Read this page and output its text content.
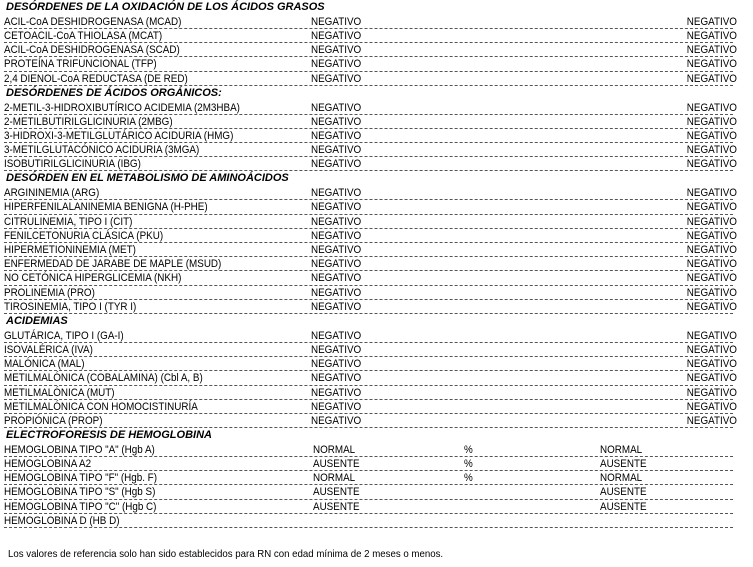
DESÓRDENES DE LA OXIDACIÓN DE LOS ÁCIDOS GRASOS
ACIL-CoA DESHIDROGENASA (MCAD)	NEGATIVO	NEGATIVO
CETOACIL-CoA THIOLASA (MCAT)	NEGATIVO	NEGATIVO
ACIL-CoA DESHIDROGENASA (SCAD)	NEGATIVO	NEGATIVO
PROTEÍNA TRIFUNCIONAL (TFP)	NEGATIVO	NEGATIVO
2,4 DIENOL-CoA REDUCTASA (DE RED)	NEGATIVO	NEGATIVO
DESÓRDENES DE ÁCIDOS ORGÁNICOS:
2-METIL-3-HIDROXIBUTÍRICO ACIDEMIA (2M3HBA)	NEGATIVO	NEGATIVO
2-METILBUTIRILGLICINURIA (2MBG)	NEGATIVO	NEGATIVO
3-HIDROXI-3-METILGLUTÁRICO ACIDURIA (HMG)	NEGATIVO	NEGATIVO
3-METILGLUTACÓNICO ACIDURIA (3MGA)	NEGATIVO	NEGATIVO
ISOBUTIRILGLICINURIA (IBG)	NEGATIVO	NEGATIVO
DESÓRDEN EN EL METABOLISMO DE AMINOÁCIDOS
ARGININEMIA (ARG)	NEGATIVO	NEGATIVO
HIPERFENILALANINEMIA BENIGNA (H-PHE)	NEGATIVO	NEGATIVO
CITRULINEMIA, TIPO I (CIT)	NEGATIVO	NEGATIVO
FENILCETONURIA CLÁSICA (PKU)	NEGATIVO	NEGATIVO
HIPERMETIONINEMIA (MET)	NEGATIVO	NEGATIVO
ENFERMEDAD DE JARABE DE MAPLE (MSUD)	NEGATIVO	NEGATIVO
NO CETÓNICA HIPERGLICEMIA (NKH)	NEGATIVO	NEGATIVO
PROLINEMIA (PRO)	NEGATIVO	NEGATIVO
TIROSINEMIA, TIPO I (TYR I)	NEGATIVO	NEGATIVO
ACIDEMIAS
GLUTÁRICA, TIPO I (GA-I)	NEGATIVO	NEGATIVO
ISOVALÉRICA (IVA)	NEGATIVO	NEGATIVO
MALÓNICA (MAL)	NEGATIVO	NEGATIVO
METILMALÓNICA (COBALAMINA) (Cbl A, B)	NEGATIVO	NEGATIVO
METILMALÓNICA (MUT)	NEGATIVO	NEGATIVO
METILMALÓNICA CON HOMOCISTINURÍA	NEGATIVO	NEGATIVO
PROPIÓNICA (PROP)	NEGATIVO	NEGATIVO
ELECTROFORESIS DE HEMOGLOBINA
HEMOGLOBINA TIPO "A" (Hgb A)	NORMAL	%	NORMAL
HEMOGLOBINA A2	AUSENTE	%	AUSENTE
HEMOGLOBINA TIPO "F" (Hgb. F)	NORMAL	%	NORMAL
HEMOGLOBINA TIPO "S" (Hgb S)	AUSENTE	AUSENTE
HEMOGLOBINA TIPO "C" (Hgb C)	AUSENTE	AUSENTE
HEMOGLOBINA D (HB D)
Los valores de referencia solo han sido establecidos para RN con edad mínima de 2 meses o menos.
